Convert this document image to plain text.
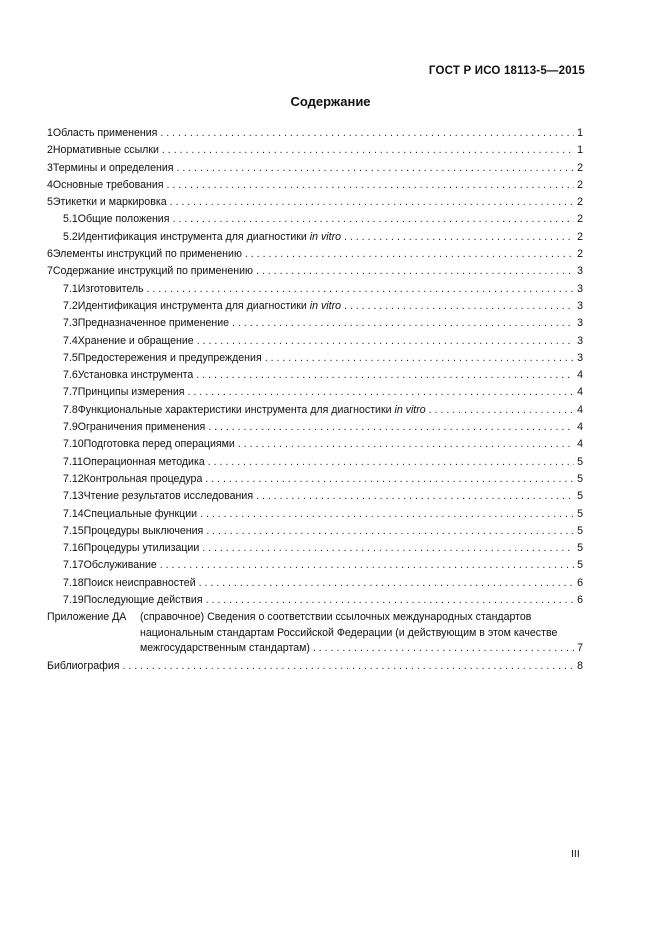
ГОСТ Р ИСО 18113-5—2015
Содержание
1 Область применения . . .	1
2 Нормативные ссылки . . .	1
3 Термины и определения . . .	2
4 Основные требования . . .	2
5 Этикетки и маркировка . . .	2
5.1 Общие положения . . .	2
5.2 Идентификация инструмента для диагностики in vitro . . .	2
6 Элементы инструкций по применению . . .	2
7 Содержание инструкций по применению . . .	3
7.1 Изготовитель . . .	3
7.2 Идентификация инструмента для диагностики in vitro . . .	3
7.3 Предназначенное применение . . .	3
7.4 Хранение и обращение . . .	3
7.5 Предостережения и предупреждения . . .	3
7.6 Установка инструмента . . .	4
7.7 Принципы измерения . . .	4
7.8 Функциональные характеристики инструмента для диагностики in vitro . . .	4
7.9 Ограничения применения . . .	4
7.10 Подготовка перед операциями . . .	4
7.11 Операционная методика . . .	5
7.12 Контрольная процедура . . .	5
7.13 Чтение результатов исследования . . .	5
7.14 Специальные функции . . .	5
7.15 Процедуры выключения . . .	5
7.16 Процедуры утилизации . . .	5
7.17 Обслуживание . . .	5
7.18 Поиск неисправностей . . .	6
7.19 Последующие действия . . .	6
Приложение ДА	(справочное) Сведения о соответствии ссылочных международных стандартов
национальным стандартам Российской Федерации (и действующим в этом качестве
межгосударственным стандартам) . . .	7
Библиография . . .	8
III
